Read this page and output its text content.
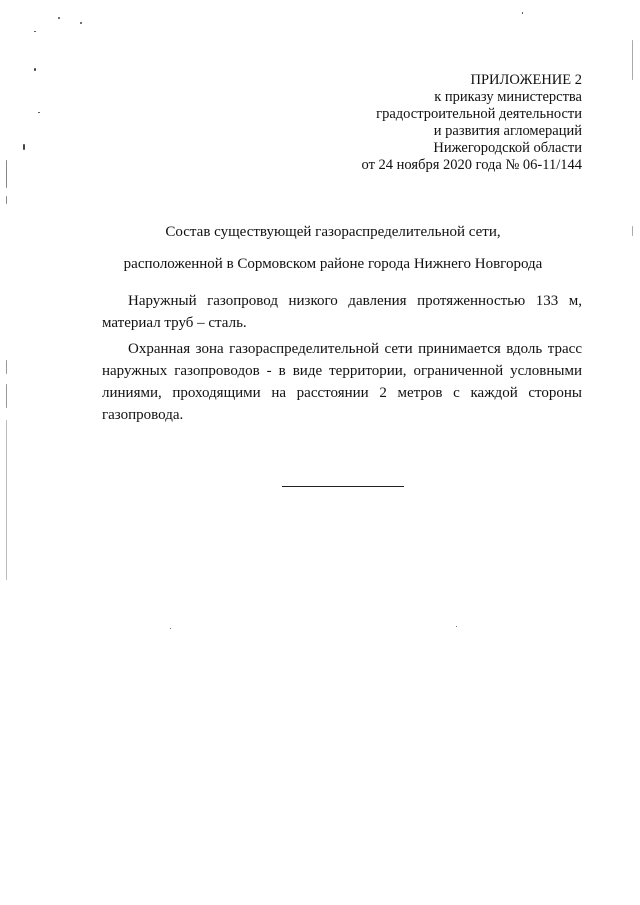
ПРИЛОЖЕНИЕ 2
к приказу министерства
градостроительной деятельности
и развития агломераций
Нижегородской области
от 24 ноября 2020 года № 06-11/144
Состав существующей газораспределительной сети,
расположенной в Сормовском районе города Нижнего Новгорода

Наружный газопровод низкого давления протяженностью 133 м, материал труб – сталь.

Охранная зона газораспределительной сети принимается вдоль трасс наружных газопроводов - в виде территории, ограниченной условными линиями, проходящими на расстоянии 2 метров с каждой стороны газопровода.
